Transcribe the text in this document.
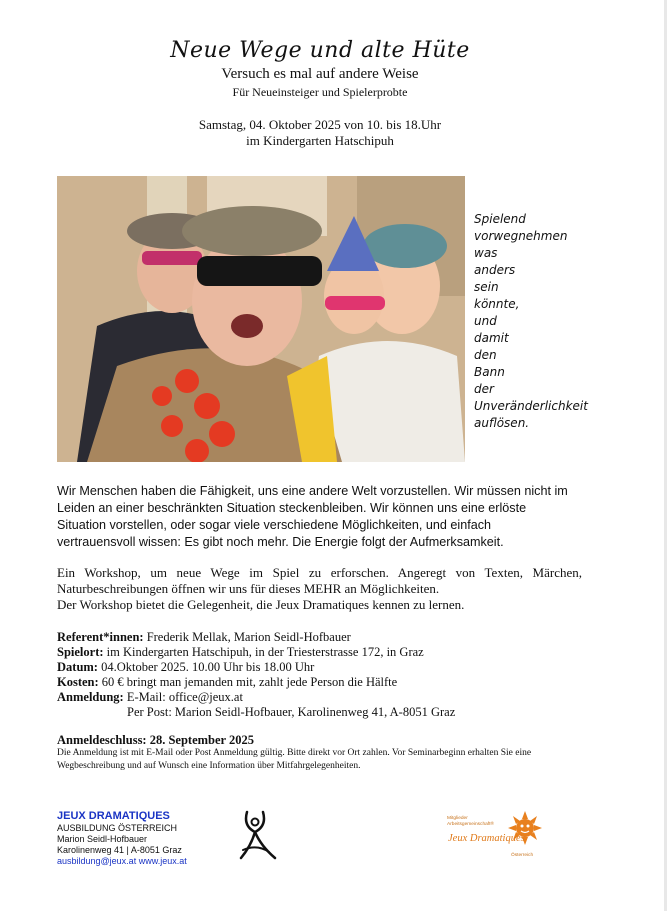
Neue Wege und alte Hüte
Versuch es mal auf andere Weise
Für Neueinsteiger und Spielerprobte
Samstag, 04. Oktober 2025 von 10. bis 18.Uhr
im Kindergarten Hatschipuh
Spielend
vorwegnehmen
was
anders
sein
könnte,
und
damit
den
Bann
der
Unveränderlichkeit
auflösen.
Wir Menschen haben die Fähigkeit, uns eine andere Welt vorzustellen. Wir müssen nicht im
Leiden an einer beschränkten Situation steckenbleiben. Wir können uns eine erlöste
Situation vorstellen, oder sogar viele verschiedene Möglichkeiten, und einfach
vertrauensvoll wissen: Es gibt noch mehr. Die Energie folgt der Aufmerksamkeit.

Ein Workshop, um neue Wege im Spiel zu erforschen. Angeregt von Texten, Märchen, Naturbeschreibungen öffnen wir uns für dieses MEHR an Möglichkeiten.

Der Workshop bietet die Gelegenheit, die Jeux Dramatiques kennen zu lernen.

Referent*innen: Frederik Mellak, Marion Seidl-Hofbauer
Spielort: im Kindergarten Hatschipuh, in der Triesterstrasse 172, in Graz
Datum: 04.Oktober 2025. 10.00 Uhr bis 18.00 Uhr
Kosten: 60 € bringt man jemanden mit, zahlt jede Person die Hälfte
Anmeldung: E-Mail: office@jeux.at
Per Post: Marion Seidl-Hofbauer, Karolinenweg 41, A-8051 Graz
Anmeldeschluss: 28. September 2025
Die Anmeldung ist mit E-Mail oder Post Anmeldung gültig. Bitte direkt vor Ort zahlen. Vor Seminarbeginn erhalten Sie eine Wegbeschreibung und auf Wunsch eine Information über Mitfahrgelegenheiten.
JEUX DRAMATIQUES
AUSBILDUNG ÖSTERREICH
Marion Seidl-Hofbauer
Karolinenweg 41 | A-8051 Graz
ausbildung@jeux.at www.jeux.at
Mitglieder
Arbeitsgemeinschaft®
Jeux Dramatiques
Österreich
